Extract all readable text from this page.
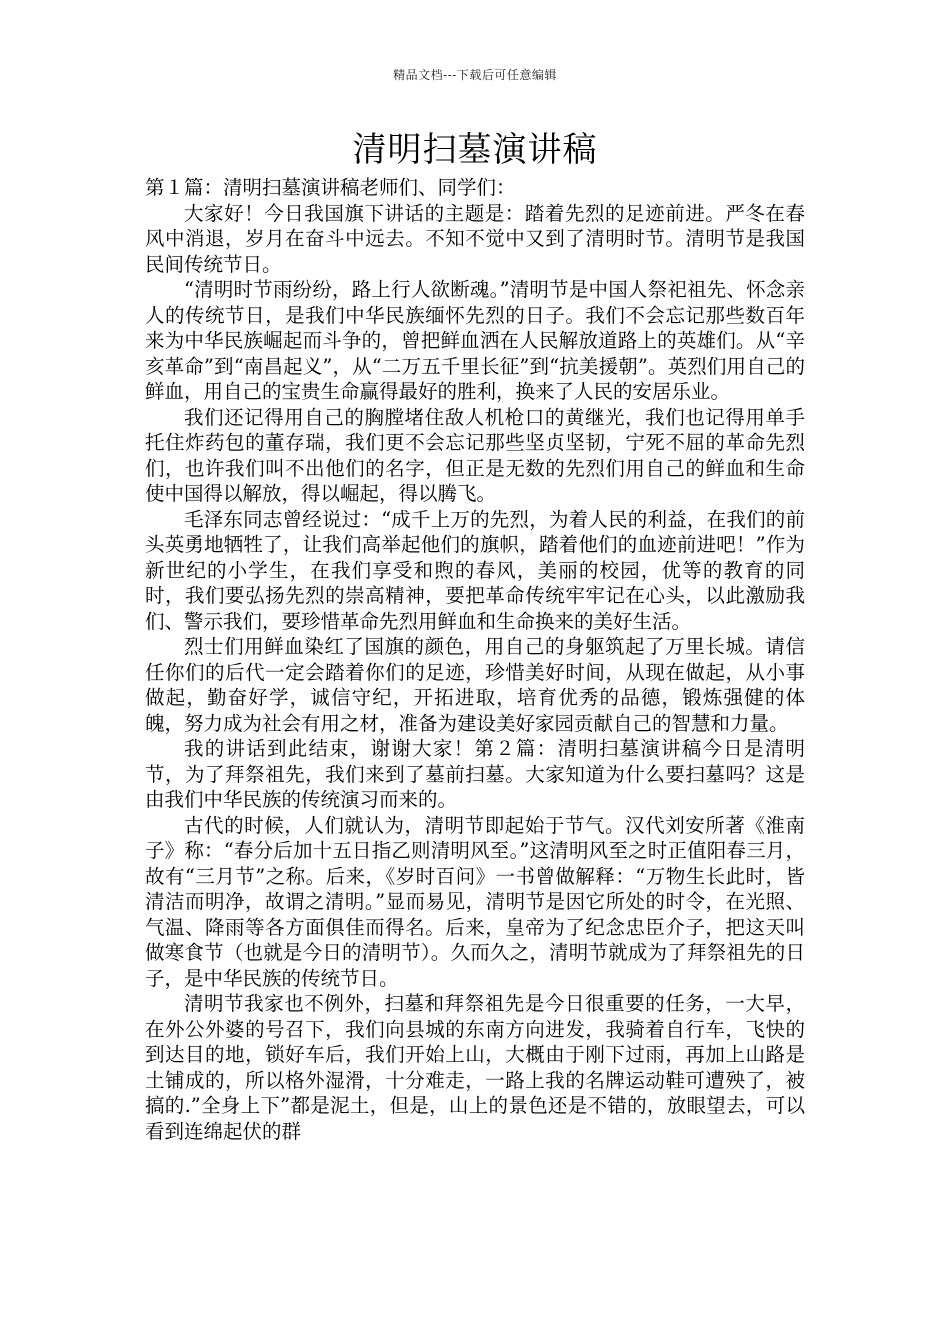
精品文档---下载后可任意编辑
清明扫墓演讲稿

第１篇：清明扫墓演讲稿老师们、同学们：

大家好！今日我国旗下讲话的主题是：踏着先烈的足迹前进。严冬在春风中消退，岁月在奋斗中远去。不知不觉中又到了清明时节。清明节是我国民间传统节日。

“清明时节雨纷纷，路上行人欲断魂。”清明节是中国人祭祀祖先、怀念亲人的传统节日，是我们中华民族缅怀先烈的日子。我们不会忘记那些数百年来为中华民族崛起而斗争的，曾把鲜血洒在人民解放道路上的英雄们。从“辛亥革命”到“南昌起义”，从“二万五千里长征”到“抗美援朝”。英烈们用自己的鲜血，用自己的宝贵生命赢得最好的胜利，换来了人民的安居乐业。

我们还记得用自己的胸膛堵住敌人机枪口的黄继光，我们也记得用单手托住炸药包的董存瑞，我们更不会忘记那些坚贞坚韧，宁死不屈的革命先烈们，也许我们叫不出他们的名字，但正是无数的先烈们用自己的鲜血和生命使中国得以解放，得以崛起，得以腾飞。

毛泽东同志曾经说过：“成千上万的先烈，为着人民的利益，在我们的前头英勇地牺牲了，让我们高举起他们的旗帜，踏着他们的血迹前进吧！”作为新世纪的小学生，在我们享受和煦的春风，美丽的校园，优等的教育的同时，我们要弘扬先烈的崇高精神，要把革命传统牢牢记在心头，以此激励我们、警示我们，要珍惜革命先烈用鲜血和生命换来的美好生活。

烈士们用鲜血染红了国旗的颜色，用自己的身躯筑起了万里长城。请信任你们的后代一定会踏着你们的足迹，珍惜美好时间，从现在做起，从小事做起，勤奋好学，诚信守纪，开拓进取，培育优秀的品德，锻炼强健的体魄，努力成为社会有用之材，准备为建设美好家园贡献自己的智慧和力量。

我的讲话到此结束，谢谢大家！第２篇：清明扫墓演讲稿今日是清明节，为了拜祭祖先，我们来到了墓前扫墓。大家知道为什么要扫墓吗？这是由我们中华民族的传统演习而来的。

古代的时候，人们就认为，清明节即起始于节气。汉代刘安所著《淮南子》称：“春分后加十五日指乙则清明风至。”这清明风至之时正值阳春三月，故有“三月节”之称。后来，《岁时百问》一书曾做解释：“万物生长此时，皆清洁而明净，故谓之清明。”显而易见，清明节是因它所处的时令，在光照、气温、降雨等各方面俱佳而得名。后来，皇帝为了纪念忠臣介子，把这天叫做寒食节（也就是今日的清明节）。久而久之，清明节就成为了拜祭祖先的日子，是中华民族的传统节日。

清明节我家也不例外，扫墓和拜祭祖先是今日很重要的任务，一大早，在外公外婆的号召下，我们向县城的东南方向进发，我骑着自行车，飞快的到达目的地，锁好车后，我们开始上山，大概由于刚下过雨，再加上山路是土铺成的，所以格外湿滑，十分难走，一路上我的名牌运动鞋可遭殃了，被搞的.”全身上下”都是泥土，但是，山上的景色还是不错的，放眼望去，可以看到连绵起伏的群
